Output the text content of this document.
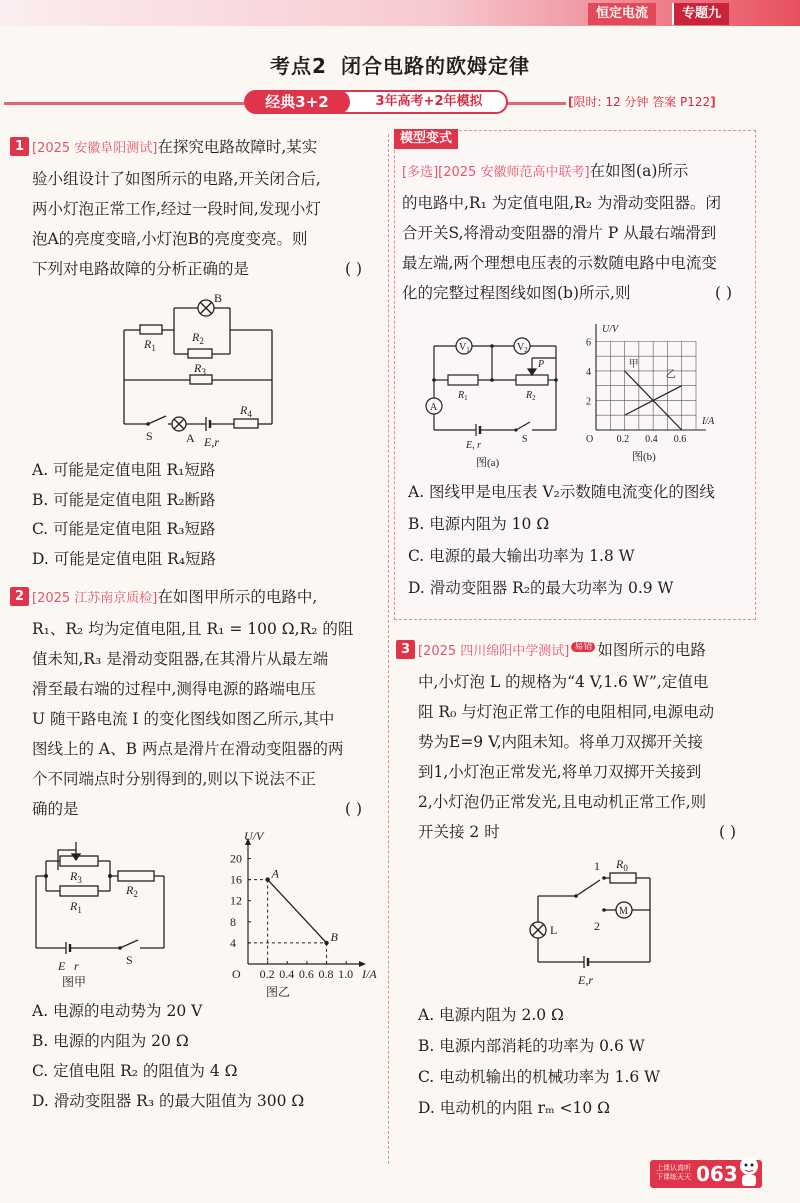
恒定电流	专题九
考点2 闭合电路的欧姆定律
3年高考+2年模拟
经典3+2	[限时: 12 分钟 答案 P122]

1 [2025 安徽阜阳测试]在探究电路故障时,某实

验小组设计了如图所示的电路,开关闭合后,

两小灯泡正常工作,经过一段时间,发现小灯

泡A的亮度变暗,小灯泡B的亮度变亮。则

下列对电路故障的分析正确的是	( )

B
$R_1$
$R_2$
$R_3$
$R_4$
S	A E,r
A. 可能是定值电阻 R₁短路
B. 可能是定值电阻 R₂断路
C. 可能是定值电阻 R₃短路
D. 可能是定值电阻 R₄短路

2 [2025 江苏南京质检]在如图甲所示的电路中,

R₁、R₂ 均为定值电阻,且 R₁ = 100 Ω,R₂ 的阻

值未知,R₃ 是滑动变阻器,在其滑片从最左端

滑至最右端的过程中,测得电源的路端电压

U 随干路电流 I 的变化图线如图乙所示,其中

图线上的 A、B 两点是滑片在滑动变阻器的两

个不同端点时分别得到的,则以下说法不正

确的是	( )

$R_3$
$R_1$
$R_2$
E r	S
图甲
0.2 0.4 0.6 0.8 1.0
4
8
12
16
20
O
U/V
I/A
A
B
图乙
A. 电源的电动势为 20 V
B. 电源的内阻为 20 Ω
C. 定值电阻 R₂ 的阻值为 4 Ω
D. 滑动变阻器 R₃ 的最大阻值为 300 Ω
模型变式

[多选][2025 安徽师范高中联考]在如图(a)所示

的电路中,R₁ 为定值电阻,R₂ 为滑动变阻器。闭

合开关S,将滑动变阻器的滑片 P 从最右端滑到

最左端,两个理想电压表的示数随电路中电流变

化的完整过程图线如图(b)所示,则	( )

$V_1$	$V_2$
P
A
$R_1$	$R_2$
E, r
S
图(a)
0.2 0.4 0.6
2
4
6
O
U/V
I/A
甲
乙
图(b)
A. 图线甲是电压表 V₂示数随电流变化的图线
B. 电源内阻为 10 Ω
C. 电源的最大输出功率为 1.8 W
D. 滑动变阻器 R₂的最大功率为 0.9 W

3 [2025 四川绵阳中学测试] $^{易错}$ 如图所示的电路

中,小灯泡 L 的规格为“4 V,1.6 W”,定值电

阻 R₀ 与灯泡正常工作的电阻相同,电源电动

势为E=9 V,内阻未知。将单刀双掷开关接

到1,小灯泡正常发光,将单刀双掷开关接到

2,小灯泡仍正常发光,且电动机正常工作,则

开关接 2 时	( )

1 $R_0$
2
M
L
E,r
A. 电源内阻为 2.0 Ω
B. 电源内部消耗的功率为 0.6 W
C. 电动机输出的机械功率为 1.6 W
D. 电动机的内阻 rₘ <10 Ω
上课认真听
下课练天天 063
